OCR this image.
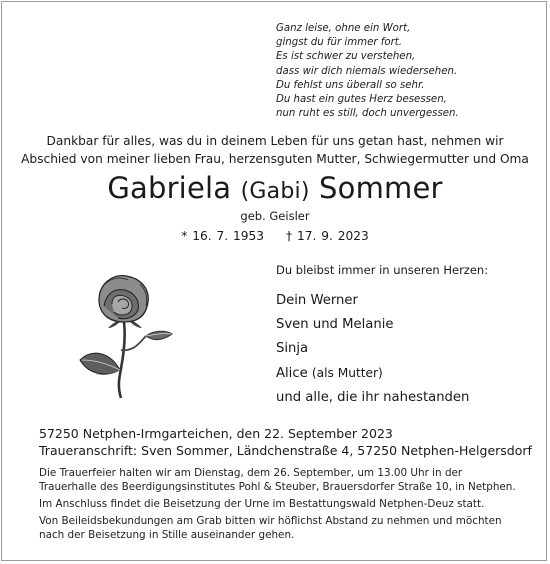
Ganz leise, ohne ein Wort,
gingst du für immer fort.
Es ist schwer zu verstehen,
dass wir dich niemals wiedersehen.
Du fehlst uns überall so sehr.
Du hast ein gutes Herz besessen,
nun ruht es still, doch unvergessen.
Dankbar für alles, was du in deinem Leben für uns getan hast, nehmen wir
Abschied von meiner lieben Frau, herzensguten Mutter, Schwiegermutter und Oma
Gabriela (Gabi) Sommer
geb. Geisler
* 16. 7. 1953 † 17. 9. 2023
Du bleibst immer in unseren Herzen:
Dein Werner
Sven und Melanie
Sinja
Alice (als Mutter)
und alle, die ihr nahestanden
57250 Netphen-Irmgarteichen, den 22. September 2023
Traueranschrift: Sven Sommer, Ländchenstraße 4, 57250 Netphen-Helgersdorf

Die Trauerfeier halten wir am Dienstag, dem 26. September, um 13.00 Uhr in der Trauerhalle des Beerdigungsinstitutes Pohl & Steuber, Brauersdorfer Straße 10, in Netphen.

Im Anschluss findet die Beisetzung der Urne im Bestattungswald Netphen-Deuz statt.

Von Beileidsbekundungen am Grab bitten wir höflichst Abstand zu nehmen und möchten nach der Beisetzung in Stille auseinander gehen.
